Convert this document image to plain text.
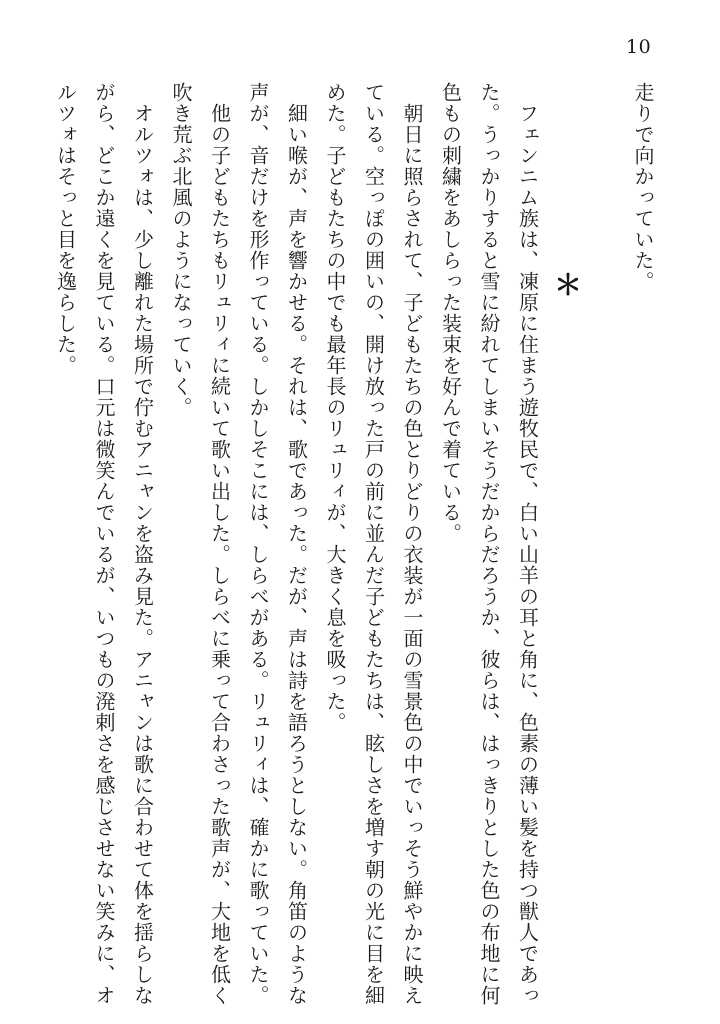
10
走りで向かっていた。

＊
　フェンニム族は、凍原に住まう遊牧民で、白い山羊の耳と角に、色素の薄い髪を持つ獣人であっ
た。うっかりすると雪に紛れてしまいそうだからだろうか、彼らは、はっきりとした色の布地に何
色もの刺繍をあしらった装束を好んで着ている。
　朝日に照らされて、子どもたちの色とりどりの衣装が一面の雪景色の中でいっそう鮮やかに映え
ている。空っぽの囲いの、開け放った戸の前に並んだ子どもたちは、眩しさを増す朝の光に目を細
めた。子どもたちの中でも最年長のリュリィが、大きく息を吸った。
　細い喉が、声を響かせる。それは、歌であった。だが、声は詩を語ろうとしない。角笛のような
声が、音だけを形作っている。しかしそこには、しらべがある。リュリィは、確かに歌っていた。
　他の子どもたちもリュリィに続いて歌い出した。しらべに乗って合わさった歌声が、大地を低く
吹き荒ぶ北風のようになっていく。
　オルツォは、少し離れた場所で佇むアニャンを盗み見た。アニャンは歌に合わせて体を揺らしな
がら、どこか遠くを見ている。口元は微笑んでいるが、いつもの溌剌さを感じさせない笑みに、オ
ルツォはそっと目を逸らした。
